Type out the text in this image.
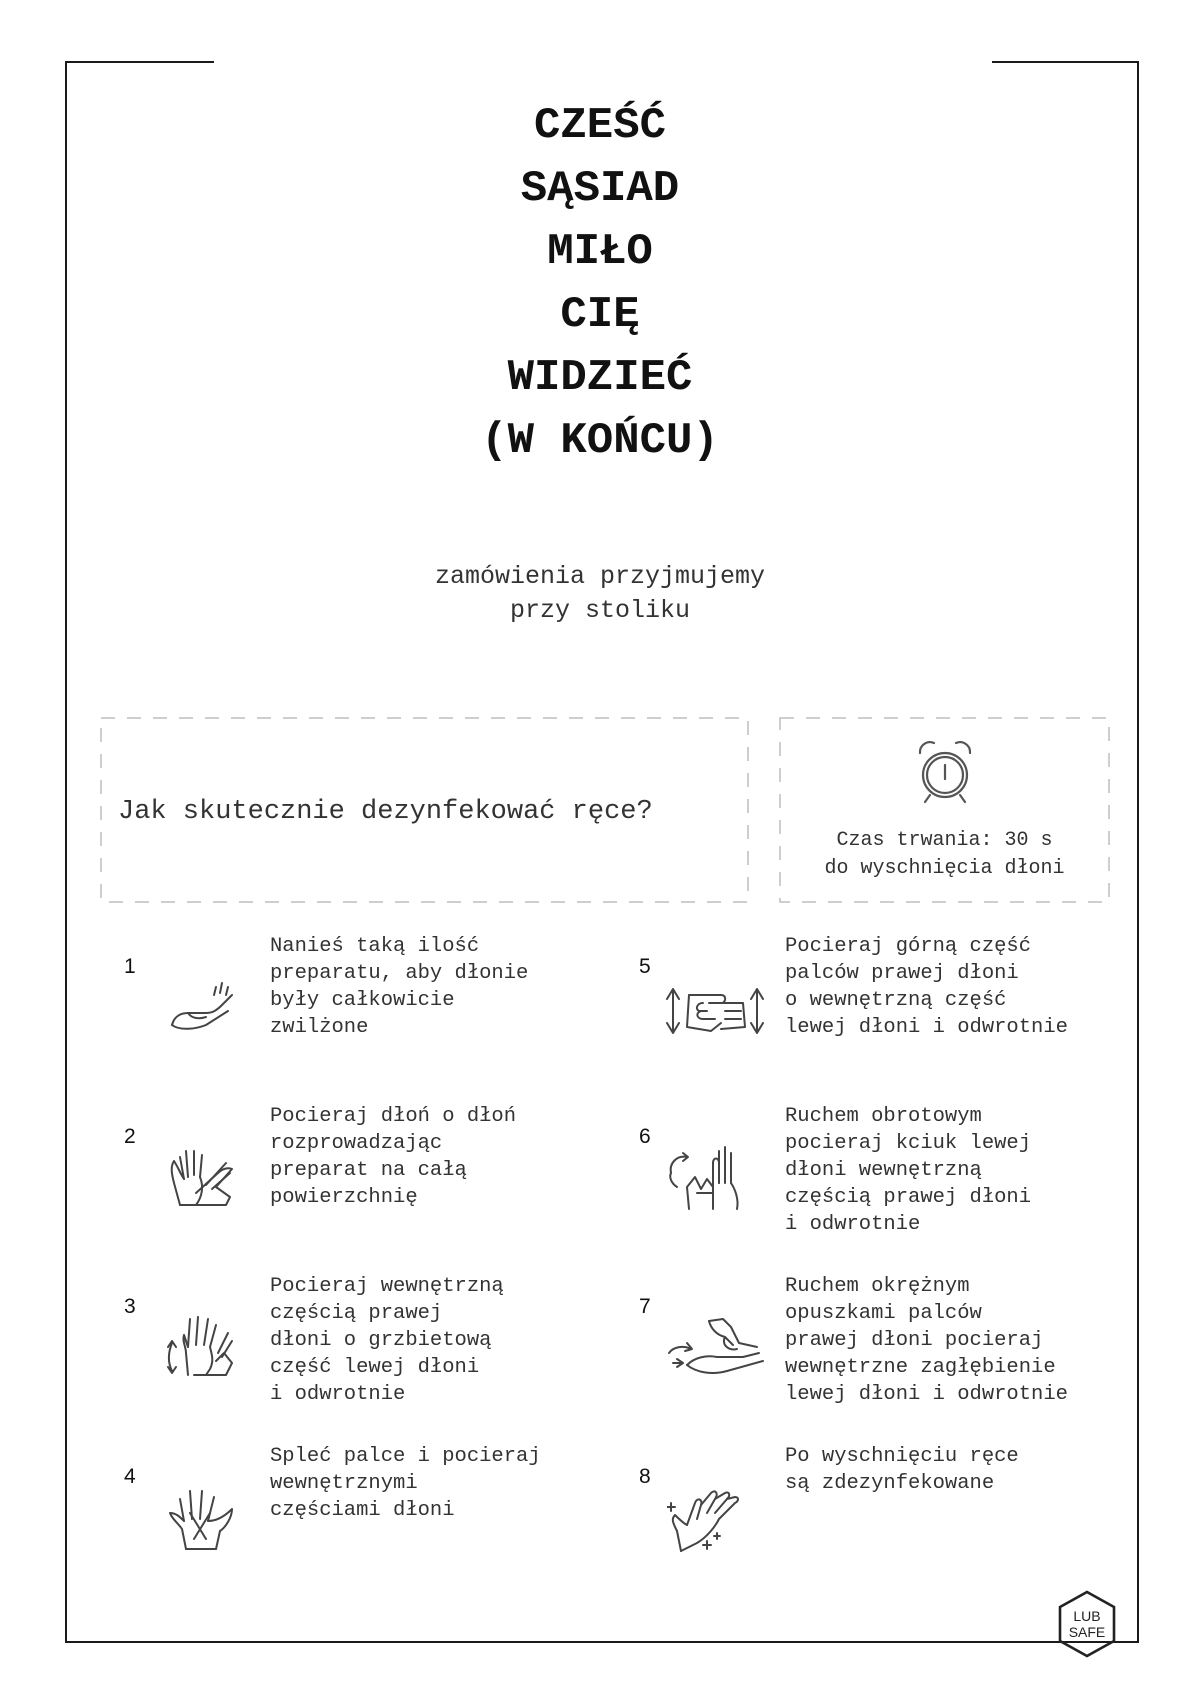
CZEŚĆ
SĄSIAD
MIŁO
CIĘ
WIDZIEĆ
(W KOŃCU)
zamówienia przyjmujemy
przy stoliku
Jak skutecznie dezynfekować ręce?
Czas trwania: 30 s
do wyschnięcia dłoni
1
Nanieś taką ilość
preparatu, aby dłonie
były całkowicie
zwilżone
2
Pocieraj dłoń o dłoń
rozprowadzając
preparat na całą
powierzchnię
3
Pocieraj wewnętrzną
częścią prawej
dłoni o grzbietową
część lewej dłoni
i odwrotnie
4
Spleć palce i pocieraj
wewnętrznymi
częściami dłoni
5
Pocieraj górną część
palców prawej dłoni
o wewnętrzną część
lewej dłoni i odwrotnie
6
Ruchem obrotowym
pocieraj kciuk lewej
dłoni wewnętrzną
częścią prawej dłoni
i odwrotnie
7
Ruchem okrężnym
opuszkami palców
prawej dłoni pocieraj
wewnętrzne zagłębienie
lewej dłoni i odwrotnie
8
Po wyschnięciu ręce
są zdezynfekowane
LUB
SAFE
